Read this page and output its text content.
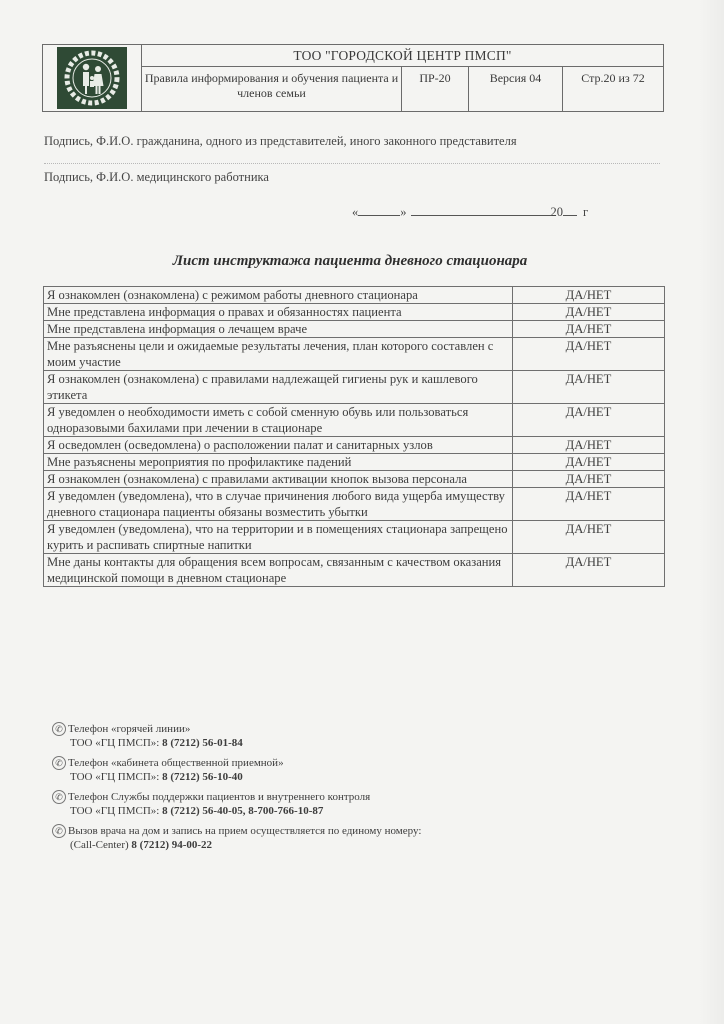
ТОО "ГОРОДСКОЙ ЦЕНТР ПМСП"
Правила информирования и обучения пациента и членов семьи
ПР-20	Версия 04	Стр.20 из 72
Подпись, Ф.И.О. гражданина, одного из представителей, иного законного представителя
Подпись, Ф.И.О. медицинского работника
«	»	20 г
Лист инструктажа пациента дневного стационара
Я ознакомлен (ознакомлена) с режимом работы дневного стационара	ДА/НЕТ
Мне представлена информация о правах и обязанностях пациента	ДА/НЕТ
Мне представлена информация о лечащем враче	ДА/НЕТ
Мне разъяснены цели и ожидаемые результаты лечения, план которого составлен с моим участие	ДА/НЕТ
Я ознакомлен (ознакомлена) с правилами надлежащей гигиены рук и кашлевого этикета	ДА/НЕТ
Я уведомлен о необходимости иметь с собой сменную обувь или пользоваться одноразовыми бахилами при лечении в стационаре	ДА/НЕТ
Я осведомлен (осведомлена) о расположении палат и санитарных узлов	ДА/НЕТ
Мне разъяснены мероприятия по профилактике падений	ДА/НЕТ
Я ознакомлен (ознакомлена) с правилами активации кнопок вызова персонала	ДА/НЕТ
Я уведомлен (уведомлена), что в случае причинения любого вида ущерба имуществу дневного стационара пациенты обязаны возместить убытки	ДА/НЕТ
Я уведомлен (уведомлена), что на территории и в помещениях стационара запрещено курить и распивать спиртные напитки	ДА/НЕТ
Мне даны контакты для обращения всем вопросам, связанным с качеством оказания медицинской помощи в дневном стационаре	ДА/НЕТ
✆ Телефон «горячей линии»
ТОО «ГЦ ПМСП»: 8 (7212) 56-01-84
✆ Телефон «кабинета общественной приемной»
ТОО «ГЦ ПМСП»: 8 (7212) 56-10-40
✆ Телефон Службы поддержки пациентов и внутреннего контроля
ТОО «ГЦ ПМСП»: 8 (7212) 56-40-05, 8-700-766-10-87
✆ Вызов врача на дом и запись на прием осуществляется по единому номеру:
(Call-Center) 8 (7212) 94-00-22
